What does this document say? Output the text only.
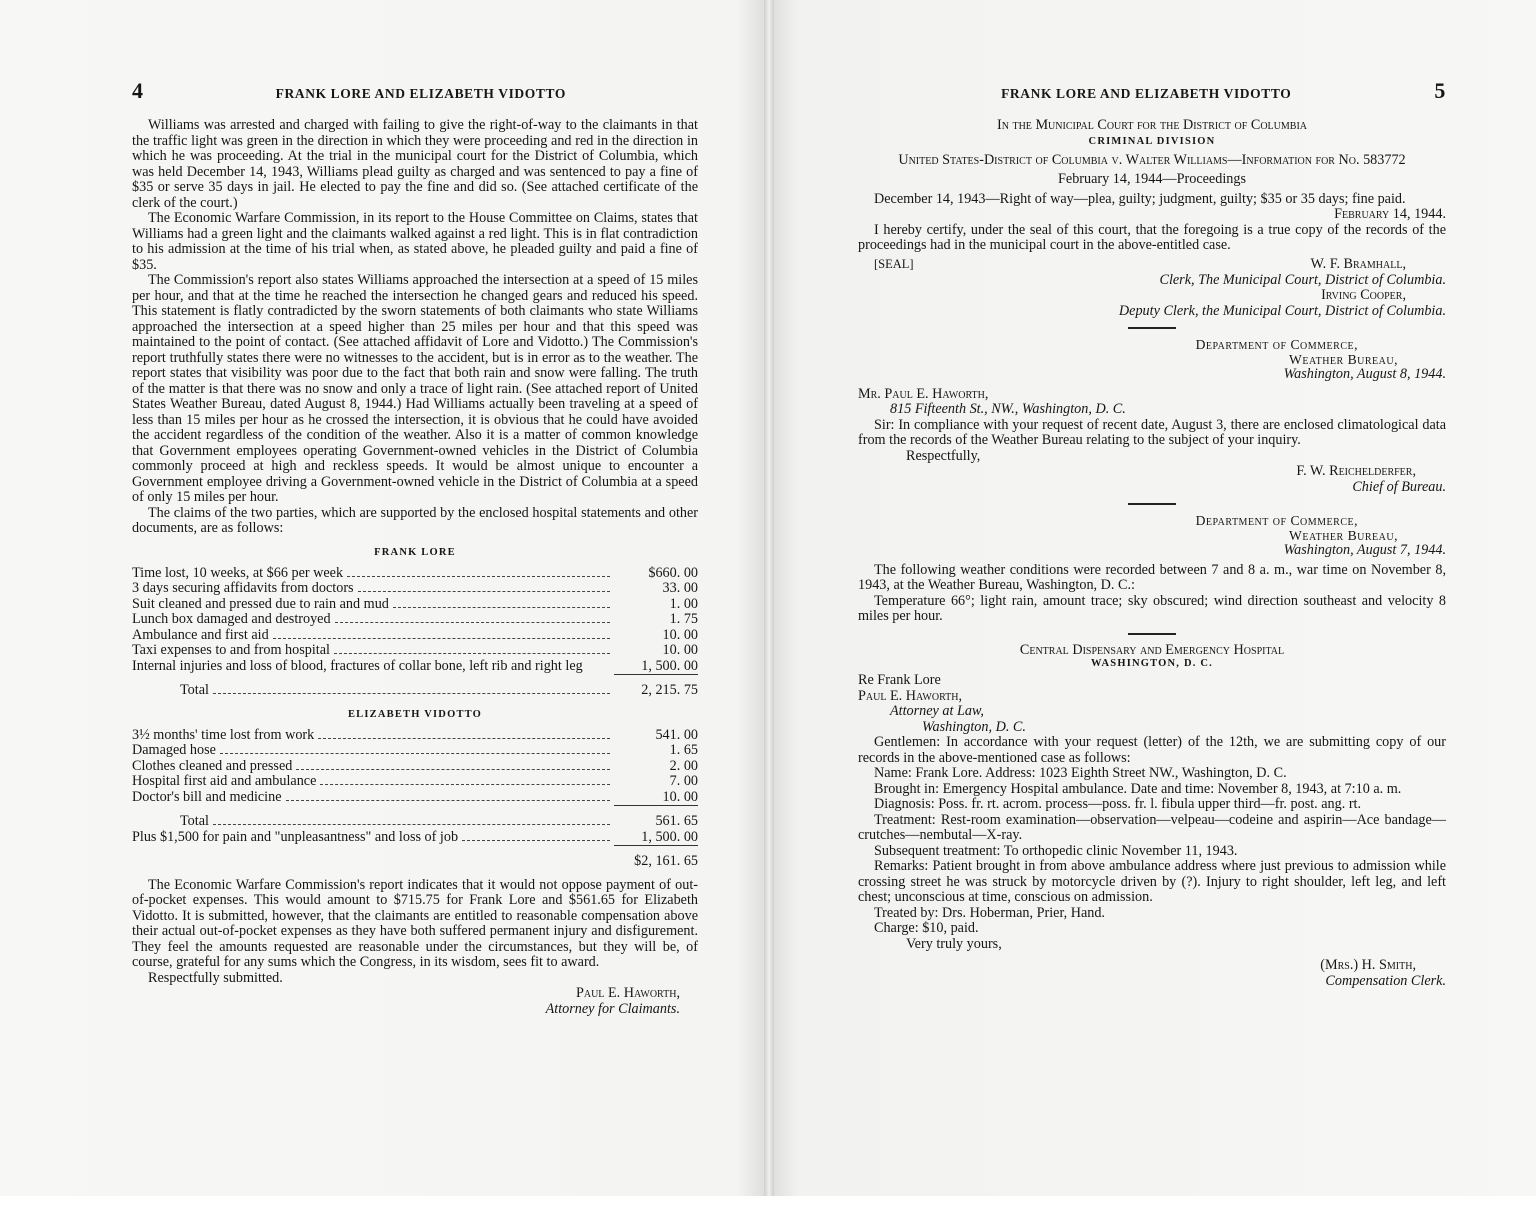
4	FRANK LORE AND ELIZABETH VIDOTTO

Williams was arrested and charged with failing to give the right-of-way to the claimants in that the traffic light was green in the direction in which they were proceeding and red in the direction in which he was proceeding. At the trial in the municipal court for the District of Columbia, which was held December 14, 1943, Williams plead guilty as charged and was sentenced to pay a fine of $35 or serve 35 days in jail. He elected to pay the fine and did so. (See attached certificate of the clerk of the court.)

The Economic Warfare Commission, in its report to the House Committee on Claims, states that Williams had a green light and the claimants walked against a red light. This is in flat contradiction to his admission at the time of his trial when, as stated above, he pleaded guilty and paid a fine of $35.

The Commission's report also states Williams approached the intersection at a speed of 15 miles per hour, and that at the time he reached the intersection he changed gears and reduced his speed. This statement is flatly contradicted by the sworn statements of both claimants who state Williams approached the intersection at a speed higher than 25 miles per hour and that this speed was maintained to the point of contact. (See attached affidavit of Lore and Vidotto.) The Commission's report truthfully states there were no witnesses to the accident, but is in error as to the weather. The report states that visibility was poor due to the fact that both rain and snow were falling. The truth of the matter is that there was no snow and only a trace of light rain. (See attached report of United States Weather Bureau, dated August 8, 1944.) Had Williams actually been traveling at a speed of less than 15 miles per hour as he crossed the intersection, it is obvious that he could have avoided the accident regardless of the condition of the weather. Also it is a matter of common knowledge that Government employees operating Government-owned vehicles in the District of Columbia commonly proceed at high and reckless speeds. It would be almost unique to encounter a Government employee driving a Government-owned vehicle in the District of Columbia at a speed of only 15 miles per hour.

The claims of the two parties, which are supported by the enclosed hospital statements and other documents, are as follows:

FRANK LORE
Time lost, 10 weeks, at $66 per week	$660. 00

3 days securing affidavits from doctors	33. 00

Suit cleaned and pressed due to rain and mud	1. 00

Lunch box damaged and destroyed	1. 75

Ambulance and first aid	10. 00

Taxi expenses to and from hospital	10. 00
Internal injuries and loss of blood, fractures of collar bone, left rib and right leg	1, 500. 00

Total	2, 215. 75
ELIZABETH VIDOTTO
3½ months' time lost from work	541. 00

Damaged hose	1. 65

Clothes cleaned and pressed	2. 00

Hospital first aid and ambulance	7. 00

Doctor's bill and medicine	10. 00

Total	561. 65

Plus $1,500 for pain and "unpleasantness" and loss of job	1, 500. 00
	$2, 161. 65

The Economic Warfare Commission's report indicates that it would not oppose payment of out-of-pocket expenses. This would amount to $715.75 for Frank Lore and $561.65 for Elizabeth Vidotto. It is submitted, however, that the claimants are entitled to reasonable compensation above their actual out-of-pocket expenses as they have both suffered permanent injury and disfigurement. They feel the amounts requested are reasonable under the circumstances, but they will be, of course, grateful for any sums which the Congress, in its wisdom, sees fit to award.

Respectfully submitted.

Paul E. Haworth,

Attorney for Claimants.

FRANK LORE AND ELIZABETH VIDOTTO	5

In the Municipal Court for the District of Columbia

CRIMINAL DIVISION

United States-District of Columbia v. Walter Williams—Information for No. 583772

February 14, 1944—Proceedings

December 14, 1943—Right of way—plea, guilty; judgment, guilty; $35 or 35 days; fine paid.

February 14, 1944.

I hereby certify, under the seal of this court, that the foregoing is a true copy of the records of the proceedings had in the municipal court in the above-entitled case.

[SEAL]	W. F. Bramhall,

Clerk, The Municipal Court, District of Columbia.

Irving Cooper,

Deputy Clerk, the Municipal Court, District of Columbia.

Department of Commerce,
Weather Bureau,

Washington, August 8, 1944.

Mr. Paul E. Haworth,

815 Fifteenth St., NW., Washington, D. C.

Sir: In compliance with your request of recent date, August 3, there are enclosed climatological data from the records of the Weather Bureau relating to the subject of your inquiry.

Respectfully,

F. W. Reichelderfer,

Chief of Bureau.

Department of Commerce,
Weather Bureau,

Washington, August 7, 1944.

The following weather conditions were recorded between 7 and 8 a. m., war time on November 8, 1943, at the Weather Bureau, Washington, D. C.:

Temperature 66°; light rain, amount trace; sky obscured; wind direction southeast and velocity 8 miles per hour.

Central Dispensary and Emergency Hospital

WASHINGTON, D. C.

Re Frank Lore

Paul E. Haworth,

Attorney at Law,

Washington, D. C.

Gentlemen: In accordance with your request (letter) of the 12th, we are submitting copy of our records in the above-mentioned case as follows:

Name: Frank Lore. Address: 1023 Eighth Street NW., Washington, D. C.

Brought in: Emergency Hospital ambulance. Date and time: November 8, 1943, at 7:10 a. m.

Diagnosis: Poss. fr. rt. acrom. process—poss. fr. l. fibula upper third—fr. post. ang. rt.

Treatment: Rest-room examination—observation—velpeau—codeine and aspirin—Ace bandage—crutches—nembutal—X-ray.

Subsequent treatment: To orthopedic clinic November 11, 1943.

Remarks: Patient brought in from above ambulance address where just previous to admission while crossing street he was struck by motorcycle driven by (?). Injury to right shoulder, left leg, and left chest; unconscious at time, conscious on admission.

Treated by: Drs. Hoberman, Prier, Hand.

Charge: $10, paid.

Very truly yours,

(Mrs.) H. Smith,

Compensation Clerk.
